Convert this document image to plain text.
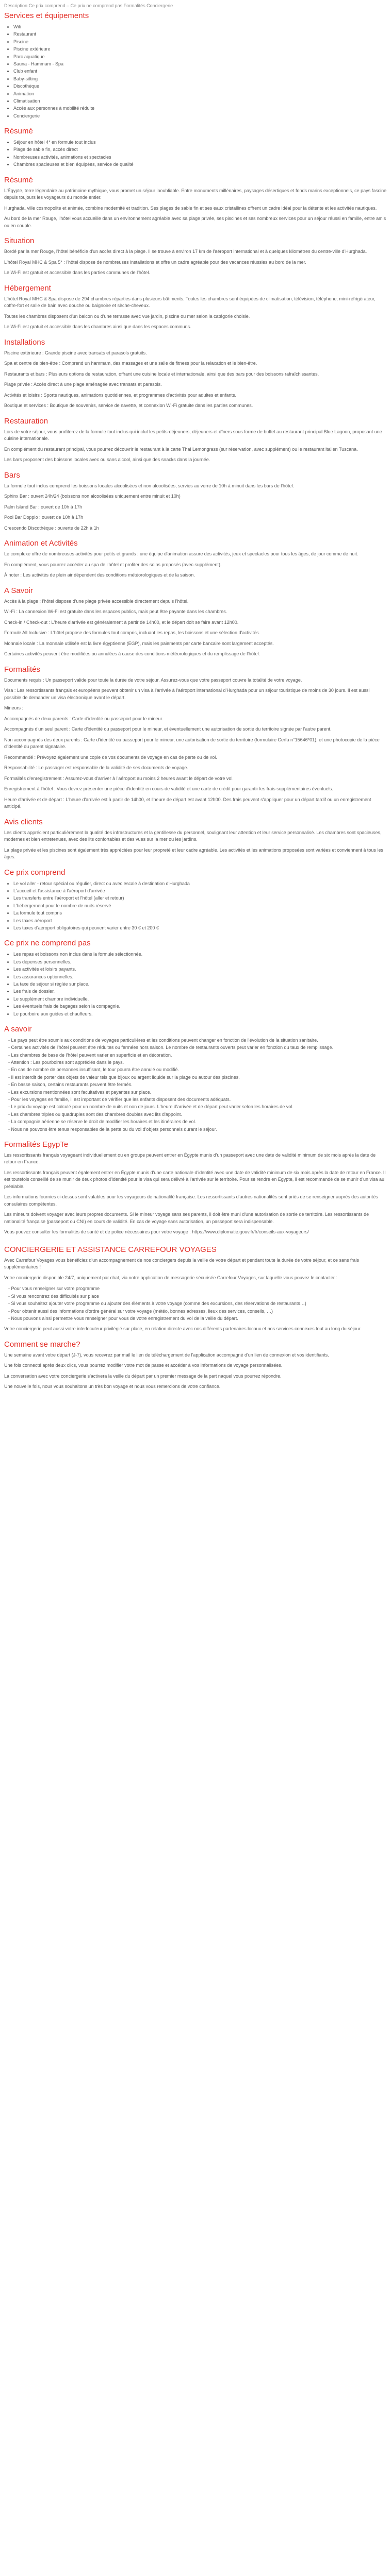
Description Ce prix comprend – Ce prix ne comprend pas Formalités Conciergerie
Services et équipements
• Wifi
• Restaurant
• Piscine
• Piscine extérieure
• Parc aquatique
• Sauna - Hammam - Spa
• Club enfant
• Baby-sitting
• Discothèque
• Animation
• Climatisation
• Accès aux personnes à mobilité réduite
• Conciergerie
Résumé
• Séjour en hôtel 4* en formule tout inclus
• Plage de sable fin, accès direct
• Nombreuses activités, animations et spectacles
• Chambres spacieuses et bien équipées, service de qualité
Résumé

L'Égypte, terre légendaire au patrimoine mythique, vous promet un séjour inoubliable. Entre monuments millénaires, paysages désertiques et fonds marins exceptionnels, ce pays fascine depuis toujours les voyageurs du monde entier.

Hurghada, ville cosmopolite et animée, combine modernité et tradition. Ses plages de sable fin et ses eaux cristallines offrent un cadre idéal pour la détente et les activités nautiques.

Au bord de la mer Rouge, l'hôtel vous accueille dans un environnement agréable avec sa plage privée, ses piscines et ses nombreux services pour un séjour réussi en famille, entre amis ou en couple.

Situation

Bordé par la mer Rouge, l'hôtel bénéficie d'un accès direct à la plage. Il se trouve à environ 17 km de l'aéroport international et à quelques kilomètres du centre-ville d'Hurghada.

L'hôtel Royal MHC & Spa 5* : l'hôtel dispose de nombreuses installations et offre un cadre agréable pour des vacances réussies au bord de la mer.

Le Wi-Fi est gratuit et accessible dans les parties communes de l'hôtel.

Hébergement

L'hôtel Royal MHC & Spa dispose de 294 chambres réparties dans plusieurs bâtiments. Toutes les chambres sont équipées de climatisation, télévision, téléphone, mini-réfrigérateur, coffre-fort et salle de bain avec douche ou baignoire et sèche-cheveux.

Toutes les chambres disposent d'un balcon ou d'une terrasse avec vue jardin, piscine ou mer selon la catégorie choisie.

Le Wi-Fi est gratuit et accessible dans les chambres ainsi que dans les espaces communs.

Installations

Piscine extérieure : Grande piscine avec transats et parasols gratuits.

Spa et centre de bien-être : Comprend un hammam, des massages et une salle de fitness pour la relaxation et le bien-être.

Restaurants et bars : Plusieurs options de restauration, offrant une cuisine locale et internationale, ainsi que des bars pour des boissons rafraîchissantes.

Plage privée : Accès direct à une plage aménagée avec transats et parasols.

Activités et loisirs : Sports nautiques, animations quotidiennes, et programmes d'activités pour adultes et enfants.

Boutique et services : Boutique de souvenirs, service de navette, et connexion Wi-Fi gratuite dans les parties communes.

Restauration

Lors de votre séjour, vous profiterez de la formule tout inclus qui inclut les petits-déjeuners, déjeuners et dîners sous forme de buffet au restaurant principal Blue Lagoon, proposant une cuisine internationale.

En complément du restaurant principal, vous pourrez découvrir le restaurant à la carte Thai Lemongrass (sur réservation, avec supplément) ou le restaurant italien Tuscana.

Les bars proposent des boissons locales avec ou sans alcool, ainsi que des snacks dans la journée.

Bars

La formule tout inclus comprend les boissons locales alcoolisées et non alcoolisées, servies au verre de 10h à minuit dans les bars de l'hôtel.

Sphinx Bar : ouvert 24h/24 (boissons non alcoolisées uniquement entre minuit et 10h)

Palm Island Bar : ouvert de 10h à 17h

Pool Bar Doppio : ouvert de 10h à 17h

Crescendo Discothèque : ouverte de 22h à 1h

Animation et Activités

Le complexe offre de nombreuses activités pour petits et grands : une équipe d'animation assure des activités, jeux et spectacles pour tous les âges, de jour comme de nuit.

En complément, vous pourrez accéder au spa de l'hôtel et profiter des soins proposés (avec supplément).

À noter : Les activités de plein air dépendent des conditions météorologiques et de la saison.

A Savoir

Accès à la plage : l'hôtel dispose d'une plage privée accessible directement depuis l'hôtel.

Wi-Fi : La connexion Wi-Fi est gratuite dans les espaces publics, mais peut être payante dans les chambres.

Check-in / Check-out : L'heure d'arrivée est généralement à partir de 14h00, et le départ doit se faire avant 12h00.

Formule All Inclusive : L'hôtel propose des formules tout compris, incluant les repas, les boissons et une sélection d'activités.

Monnaie locale : La monnaie utilisée est la livre égyptienne (EGP), mais les paiements par carte bancaire sont largement acceptés.

Certaines activités peuvent être modifiées ou annulées à cause des conditions météorologiques et du remplissage de l'hôtel.

Formalités

Documents requis : Un passeport valide pour toute la durée de votre séjour. Assurez-vous que votre passeport couvre la totalité de votre voyage.

Visa : Les ressortissants français et européens peuvent obtenir un visa à l'arrivée à l'aéroport international d'Hurghada pour un séjour touristique de moins de 30 jours. Il est aussi possible de demander un visa électronique avant le départ.

Mineurs :

Accompagnés de deux parents : Carte d'identité ou passeport pour le mineur.

Accompagnés d'un seul parent : Carte d'identité ou passeport pour le mineur, et éventuellement une autorisation de sortie du territoire signée par l'autre parent.

Non accompagnés des deux parents : Carte d'identité ou passeport pour le mineur, une autorisation de sortie du territoire (formulaire Cerfa n°15646*01), et une photocopie de la pièce d'identité du parent signataire.

Recommandé : Prévoyez également une copie de vos documents de voyage en cas de perte ou de vol.

Responsabilité : Le passager est responsable de la validité de ses documents de voyage.

Formalités d'enregistrement : Assurez-vous d'arriver à l'aéroport au moins 2 heures avant le départ de votre vol.

Enregistrement à l'hôtel : Vous devrez présenter une pièce d'identité en cours de validité et une carte de crédit pour garantir les frais supplémentaires éventuels.

Heure d'arrivée et de départ : L'heure d'arrivée est à partir de 14h00, et l'heure de départ est avant 12h00. Des frais peuvent s'appliquer pour un départ tardif ou un enregistrement anticipé.

Avis clients

Les clients apprécient particulièrement la qualité des infrastructures et la gentillesse du personnel, soulignant leur attention et leur service personnalisé. Les chambres sont spacieuses, modernes et bien entretenues, avec des lits confortables et des vues sur la mer ou les jardins.

La plage privée et les piscines sont également très appréciées pour leur propreté et leur cadre agréable. Les activités et les animations proposées sont variées et conviennent à tous les âges.

Ce prix comprend
• Le vol aller - retour spécial ou régulier, direct ou avec escale à destination d'Hurghada
• L'accueil et l'assistance à l'aéroport d'arrivée
• Les transferts entre l'aéroport et l'hôtel (aller et retour)
• L'hébergement pour le nombre de nuits réservé
• La formule tout compris
• Les taxes aéroport
• Les taxes d'aéroport obligatoires qui peuvent varier entre 30 € et 200 €
Ce prix ne comprend pas
• Les repas et boissons non inclus dans la formule sélectionnée.
• Les dépenses personnelles.
• Les activités et loisirs payants.
• Les assurances optionnelles.
• La taxe de séjour si réglée sur place.
• Les frais de dossier.
• Le supplément chambre individuelle.
• Les éventuels frais de bagages selon la compagnie.
• Le pourboire aux guides et chauffeurs.
A savoir
- Le pays peut être soumis aux conditions de voyages particulières et les conditions peuvent changer en fonction de l'évolution de la situation sanitaire.
- Certaines activités de l'hôtel peuvent être réduites ou fermées hors saison. Le nombre de restaurants ouverts peut varier en fonction du taux de remplissage.
- Les chambres de base de l'hôtel peuvent varier en superficie et en décoration.
- Attention : Les pourboires sont appréciés dans le pays.
- En cas de nombre de personnes insuffisant, le tour pourra être annulé ou modifié.
- Il est interdit de porter des objets de valeur tels que bijoux ou argent liquide sur la plage ou autour des piscines.
- En basse saison, certains restaurants peuvent être fermés.
- Les excursions mentionnées sont facultatives et payantes sur place.
- Pour les voyages en famille, il est important de vérifier que les enfants disposent des documents adéquats.
- Le prix du voyage est calculé pour un nombre de nuits et non de jours. L'heure d'arrivée et de départ peut varier selon les horaires de vol.
- Les chambres triples ou quadruples sont des chambres doubles avec lits d'appoint.
- La compagnie aérienne se réserve le droit de modifier les horaires et les itinéraires de vol.
- Nous ne pouvons être tenus responsables de la perte ou du vol d'objets personnels durant le séjour.
Formalités EgypTe

Les ressortissants français voyageant individuellement ou en groupe peuvent entrer en Égypte munis d'un passeport avec une date de validité minimum de six mois après la date de retour en France.

Les ressortissants français peuvent également entrer en Égypte munis d'une carte nationale d'identité avec une date de validité minimum de six mois après la date de retour en France. Il est toutefois conseillé de se munir de deux photos d'identité pour le visa qui sera délivré à l'arrivée sur le territoire. Pour se rendre en Égypte, il est recommandé de se munir d'un visa au préalable.

Les informations fournies ci-dessus sont valables pour les voyageurs de nationalité française. Les ressortissants d'autres nationalités sont priés de se renseigner auprès des autorités consulaires compétentes.

Les mineurs doivent voyager avec leurs propres documents. Si le mineur voyage sans ses parents, il doit être muni d'une autorisation de sortie de territoire. Les ressortissants de nationalité française (passeport ou CNI) en cours de validité. En cas de voyage sans autorisation, un passeport sera indispensable.

Vous pouvez consulter les formalités de santé et de police nécessaires pour votre voyage : https://www.diplomatie.gouv.fr/fr/conseils-aux-voyageurs/

CONCIERGERIE ET ASSISTANCE CARREFOUR VOYAGES

Avec Carrefour Voyages vous bénéficiez d'un accompagnement de nos conciergers depuis la veille de votre départ et pendant toute la durée de votre séjour, et ce sans frais supplémentaires !

Votre conciergerie disponible 24/7, uniquement par chat, via notre application de messagerie sécurisée Carrefour Voyages, sur laquelle vous pouvez le contacter :

- Pour vous renseigner sur votre programme
- Si vous rencontrez des difficultés sur place
- Si vous souhaitez ajouter votre programme ou ajouter des éléments à votre voyage (comme des excursions, des réservations de restaurants…)
- Pour obtenir aussi des informations d'ordre général sur votre voyage (météo, bonnes adresses, lieux des services, conseils, …)
- Nous pouvons ainsi permettre vous renseigner pour vous de votre enregistrement du vol de la veille du départ.

Votre conciergerie peut aussi votre interlocuteur privilégié sur place, en relation directe avec nos différents partenaires locaux et nos services connexes tout au long du séjour.

Comment se marche?

Une semaine avant votre départ (J-7), vous recevrez par mail le lien de téléchargement de l'application accompagné d'un lien de connexion et vos identifiants.

Une fois connecté après deux clics, vous pourrez modifier votre mot de passe et accéder à vos informations de voyage personnalisées.

La conversation avec votre conciergerie s'activera la veille du départ par un premier message de la part naquel vous pourrez répondre.

Une nouvelle fois, nous vous souhaitons un très bon voyage et nous vous remercions de votre confiance.
